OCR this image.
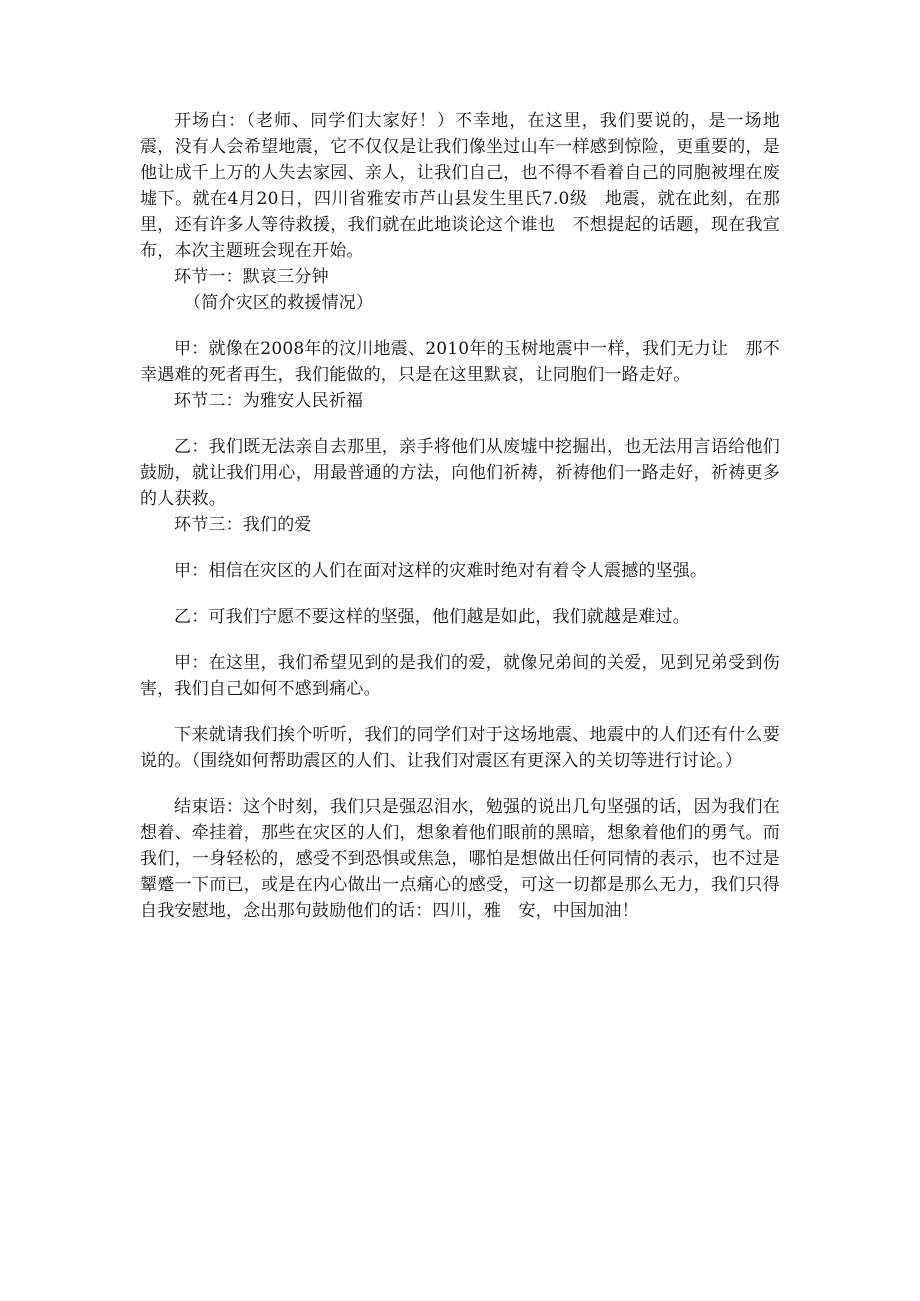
开场白：（老师、同学们大家好！）不幸地，在这里，我们要说的，是一场地震，没有人会希望地震，它不仅仅是让我们像坐过山车一样感到惊险，更重要的，是他让成千上万的人失去家园、亲人，让我们自己，也不得不看着自己的同胞被埋在废墟下。就在4月20日，四川省雅安市芦山县发生里氏7.0级　地震，就在此刻，在那里，还有许多人等待救援，我们就在此地谈论这个谁也　不想提起的话题，现在我宣布，本次主题班会现在开始。

环节一：默哀三分钟

（简介灾区的救援情况）

甲：就像在2008年的汶川地震、2010年的玉树地震中一样，我们无力让　那不幸遇难的死者再生，我们能做的，只是在这里默哀，让同胞们一路走好。

环节二：为雅安人民祈福

乙：我们既无法亲自去那里，亲手将他们从废墟中挖掘出，也无法用言语给他们鼓励，就让我们用心，用最普通的方法，向他们祈祷，祈祷他们一路走好，祈祷更多的人获救。

环节三：我们的爱

甲：相信在灾区的人们在面对这样的灾难时绝对有着令人震撼的坚强。

乙：可我们宁愿不要这样的坚强，他们越是如此，我们就越是难过。

甲：在这里，我们希望见到的是我们的爱，就像兄弟间的关爱，见到兄弟受到伤害，我们自己如何不感到痛心。

下来就请我们挨个听听，我们的同学们对于这场地震、地震中的人们还有什么要说的。（围绕如何帮助震区的人们、让我们对震区有更深入的关切等进行讨论。）

结束语：这个时刻，我们只是强忍泪水，勉强的说出几句坚强的话，因为我们在想着、牵挂着，那些在灾区的人们，想象着他们眼前的黑暗，想象着他们的勇气。而我们，一身轻松的，感受不到恐惧或焦急，哪怕是想做出任何同情的表示，也不过是颦蹙一下而已，或是在内心做出一点痛心的感受，可这一切都是那么无力，我们只得自我安慰地，念出那句鼓励他们的话：四川，雅　安，中国加油！
